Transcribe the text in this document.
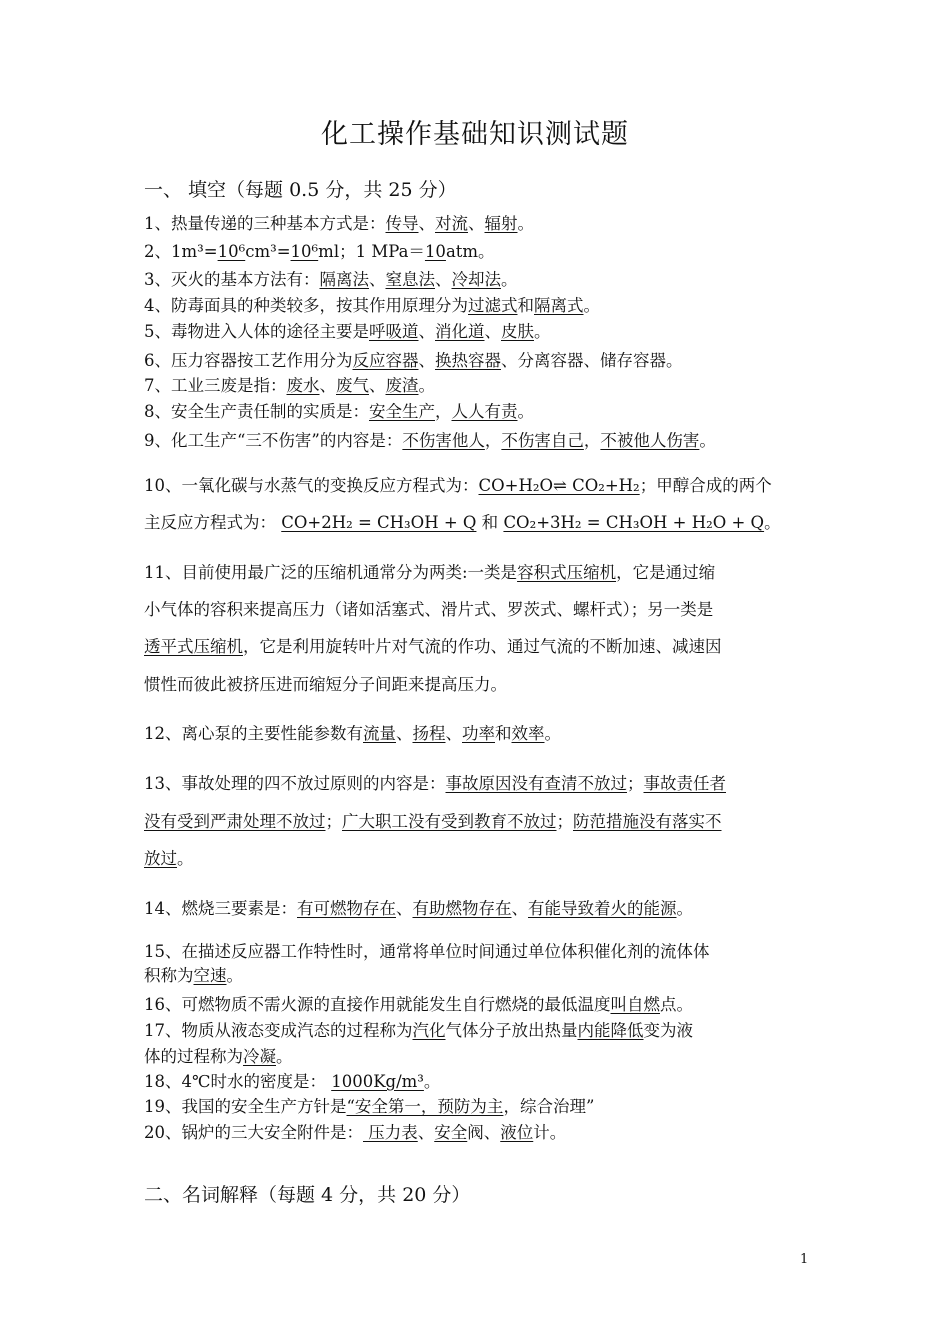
化工操作基础知识测试题
一、 填空（每题 0.5 分，共 25 分）
1、热量传递的三种基本方式是：传导、对流、辐射。
2、1m³=10⁶cm³=10⁶ml；1 MPa＝10atm。
3、灭火的基本方法有：隔离法、窒息法、冷却法。
4、防毒面具的种类较多，按其作用原理分为过滤式和隔离式。
5、毒物进入人体的途径主要是呼吸道、消化道、皮肤。
6、压力容器按工艺作用分为反应容器、换热容器、分离容器、储存容器。
7、工业三废是指：废水、废气、废渣。
8、安全生产责任制的实质是：安全生产，人人有责。
9、化工生产“三不伤害”的内容是：不伤害他人，不伤害自己，不被他人伤害。
10、一氧化碳与水蒸气的变换反应方程式为：CO+H₂O⇌ CO₂+H₂；甲醇合成的两个
主反应方程式为： CO+2H₂ = CH₃OH + Q 和 CO₂+3H₂ = CH₃OH + H₂O + Q。
11、目前使用最广泛的压缩机通常分为两类:一类是容积式压缩机，它是通过缩
小气体的容积来提高压力（诸如活塞式、滑片式、罗茨式、螺杆式）；另一类是
透平式压缩机，它是利用旋转叶片对气流的作功、通过气流的不断加速、减速因
惯性而彼此被挤压进而缩短分子间距来提高压力。
12、离心泵的主要性能参数有流量、扬程、功率和效率。
13、事故处理的四不放过原则的内容是：事故原因没有查清不放过；事故责任者
没有受到严肃处理不放过；广大职工没有受到教育不放过；防范措施没有落实不
放过。
14、燃烧三要素是：有可燃物存在、有助燃物存在、有能导致着火的能源。
15、在描述反应器工作特性时，通常将单位时间通过单位体积催化剂的流体体
积称为空速。
16、可燃物质不需火源的直接作用就能发生自行燃烧的最低温度叫自燃点。
17、物质从液态变成汽态的过程称为汽化气体分子放出热量内能降低变为液
体的过程称为冷凝。
18、4℃时水的密度是： 1000Kg/m³。
19、我国的安全生产方针是“安全第一，预防为主，综合治理”
20、锅炉的三大安全附件是： 压力表、安全阀、液位计。
二、名词解释（每题 4 分，共 20 分）
1
